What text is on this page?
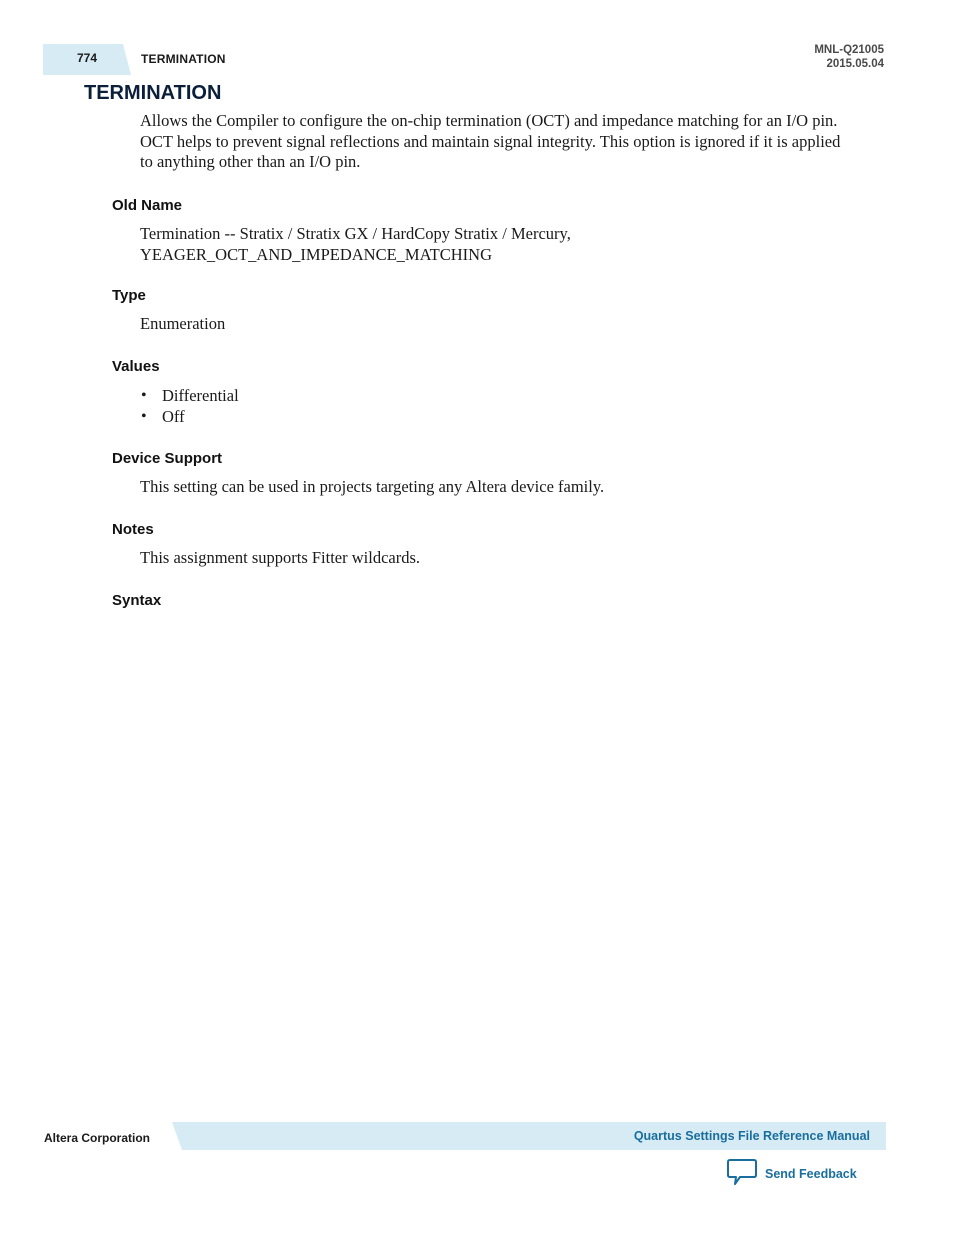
774	TERMINATION
MNL-Q21005
2015.05.04
TERMINATION

Allows the Compiler to configure the on-chip termination (OCT) and impedance matching for an I/O pin. OCT helps to prevent signal reflections and maintain signal integrity. This option is ignored if it is applied to anything other than an I/O pin.

Old Name
Termination -- Stratix / Stratix GX / HardCopy Stratix / Mercury,
YEAGER_OCT_AND_IMPEDANCE_MATCHING
Type

Enumeration

Values
• Differential
• Off
Device Support

This setting can be used in projects targeting any Altera device family.

Notes

This assignment supports Fitter wildcards.

Syntax
Altera Corporation	Quartus Settings File Reference Manual
Send Feedback
